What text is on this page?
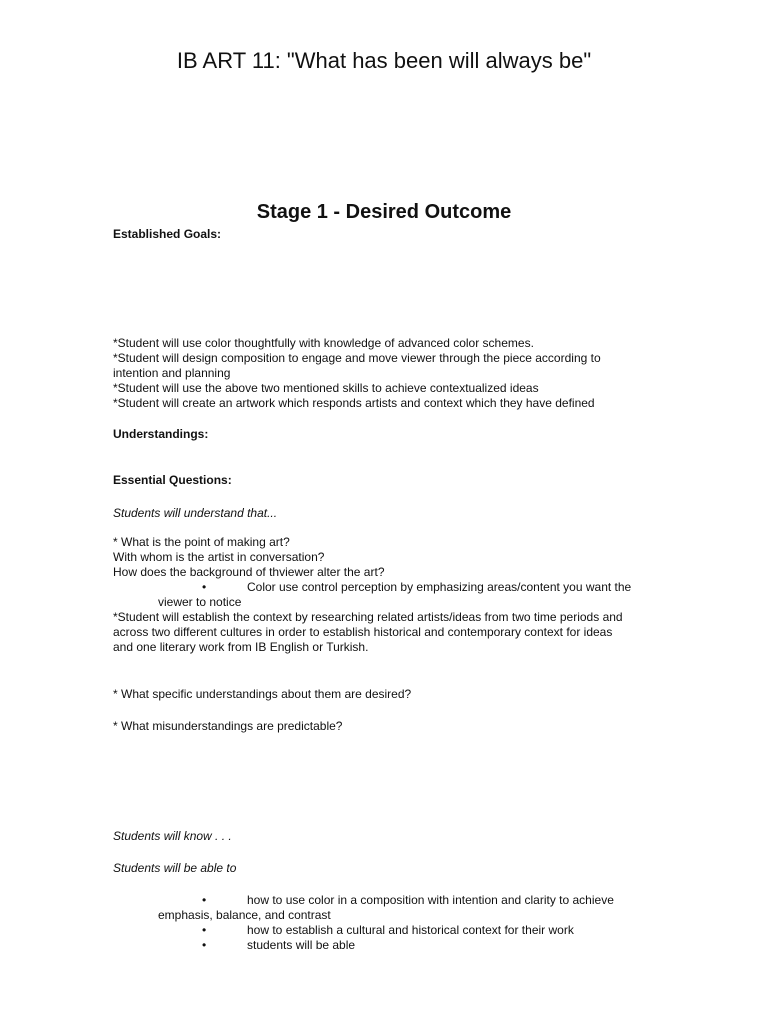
IB ART 11: "What has been will always be"
Stage 1 - Desired Outcome
Established Goals:
*Student will use color thoughtfully with knowledge of advanced color schemes.
*Student will design composition to engage and move viewer through the piece according to
intention and planning
*Student will use the above two mentioned skills to achieve contextualized ideas
*Student will create an artwork which responds artists and context which they have defined
Understandings:
Essential Questions:
Students will understand that...
* What is the point of making art?
With whom is the artist in conversation?
How does the background of thviewer alter the art?
•	Color use control perception by emphasizing areas/content you want the
viewer to notice
*Student will establish the context by researching related artists/ideas from two time periods and
across two different cultures in order to establish historical and contemporary context for ideas
and one literary work from IB English or Turkish.
* What specific understandings about them are desired?
* What misunderstandings are predictable?
Students will know . . .
Students will be able to
•	how to use color in a composition with intention and clarity to achieve
emphasis, balance, and contrast
•	how to establish a cultural and historical context for their work
•	students will be able
